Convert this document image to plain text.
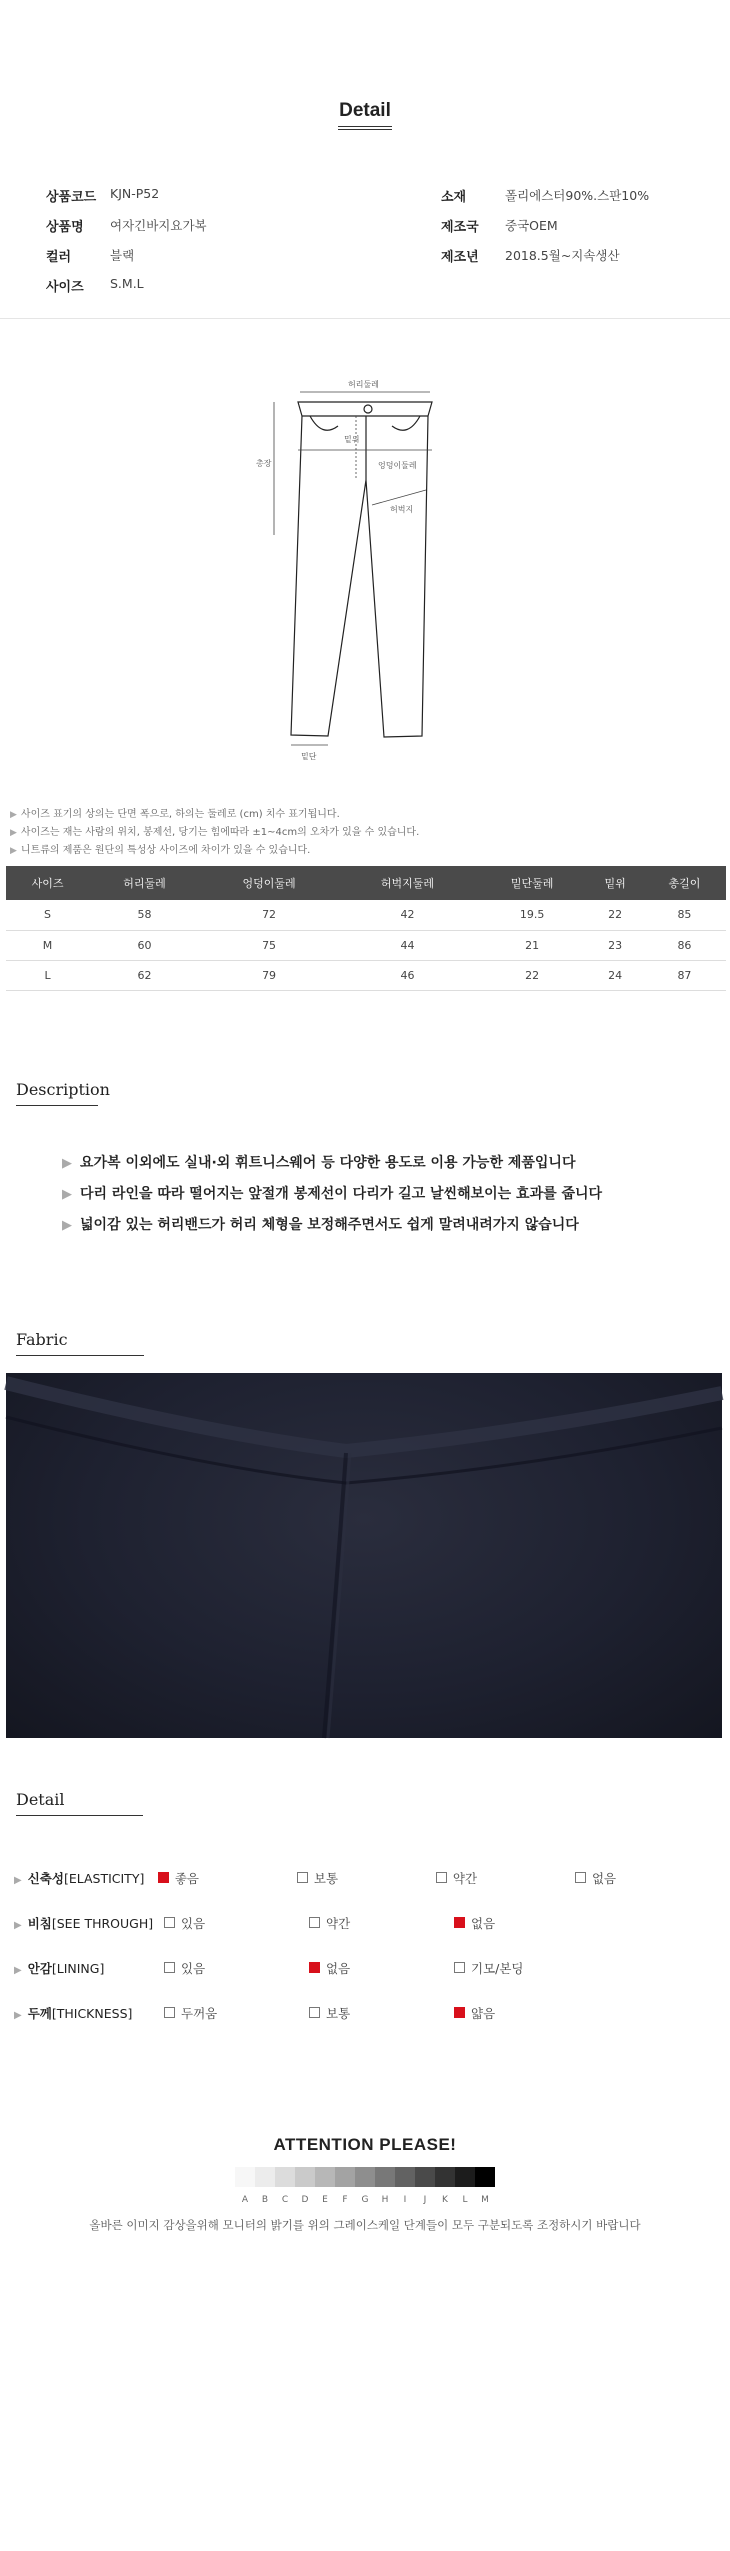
Detail
상품코드	KJN-P52	소재	폴리에스터90%.스판10%
상품명	여자긴바지요가복	제조국	중국OEM
컬러	블랙	제조년	2018.5월~지속생산
사이즈	S.M.L
허리둘레
총장
밑위
엉덩이둘레
허벅지
밑단
▶ 사이즈 표기의 상의는 단면 폭으로, 하의는 둘레로 (cm) 치수 표기됩니다.
▶ 사이즈는 재는 사람의 위치, 봉제선, 당기는 힘에따라 ±1~4cm의 오차가 있을 수 있습니다.
▶ 니트류의 제품은 원단의 특성상 사이즈에 차이가 있을 수 있습니다.
사이즈	허리둘레	엉덩이둘레	허벅지둘레	밑단둘레	밑위	총길이
S	58	72	42	19.5	22	85
M	60	75	44	21	23	86
L	62	79	46	22	24	87
Description
▶ 요가복 이외에도 실내·외 휘트니스웨어 등 다양한 용도로 이용 가능한 제품입니다
▶ 다리 라인을 따라 떨어지는 앞절개 봉제선이 다리가 길고 날씬해보이는 효과를 줍니다
▶ 넓이감 있는 허리밴드가 허리 체형을 보정해주면서도 쉽게 말려내려가지 않습니다
Fabric
Detail
▶ 신축성[ELASTICITY]	좋음	보통	약간	없음
▶ 비침[SEE THROUGH]	있음	약간	없음
▶ 안감[LINING]	있음	없음	기모/본딩
▶ 두께[THICKNESS]	두꺼움	보통	얇음
ATTENTION PLEASE!
A	B	C	D	E	F	G	H	I	J	K	L	M

올바른 이미지 감상을위해 모니터의 밝기를 위의 그레이스케일 단계들이 모두 구분되도록 조정하시기 바랍니다
